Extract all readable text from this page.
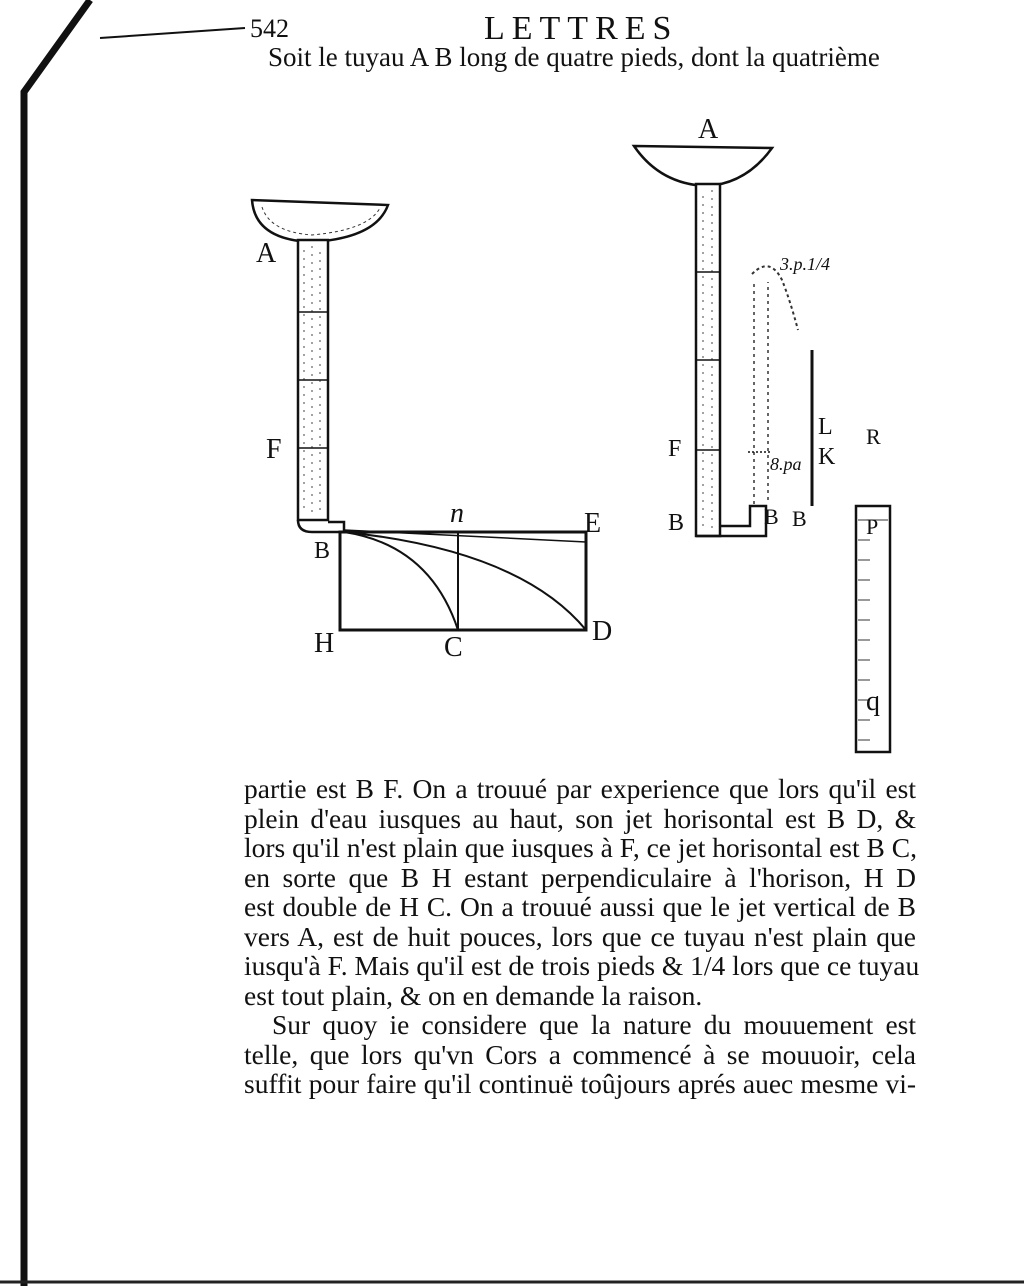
542	LETTRES
Soit le tuyau A B long de quatre pieds, dont la quatrième
A
F
B
n	E
H	C
D
A
F
B	B B
L
K
R
3.p.1/4
8.pa
P
q
partie est B F. On a trouué par experience que lors qu'il est
plein d'eau iusques au haut, son jet horisontal est B D, &
lors qu'il n'est plain que iusques à F, ce jet horisontal est B C,
en sorte que B H estant perpendiculaire à l'horison, H D
est double de H C. On a trouué aussi que le jet vertical de B
vers A, est de huit pouces, lors que ce tuyau n'est plain que
iusqu'à F. Mais qu'il est de trois pieds & 1/4 lors que ce tuyau
est tout plain, & on en demande la raison.
Sur quoy ie considere que la nature du mouuement est
telle, que lors qu'vn Cors a commencé à se mouuoir, cela
suffit pour faire qu'il continuë toûjours aprés auec mesme vi-
